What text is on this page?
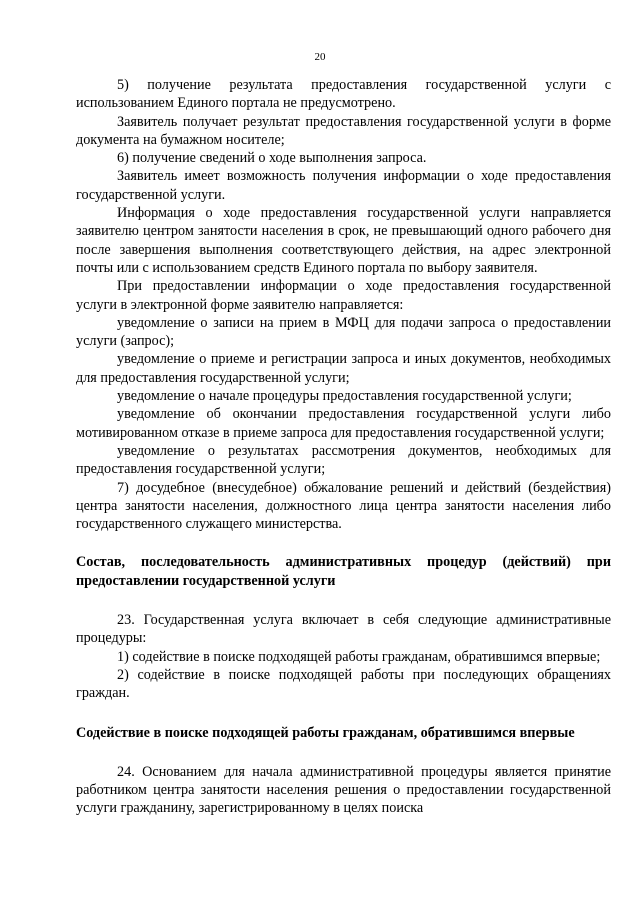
20

5) получение результата предоставления государственной услуги с использованием Единого портала не предусмотрено.

Заявитель получает результат предоставления государственной услуги в форме документа на бумажном носителе;

6) получение сведений о ходе выполнения запроса.

Заявитель имеет возможность получения информации о ходе предоставления государственной услуги.

Информация о ходе предоставления государственной услуги направляется заявителю центром занятости населения в срок, не превышающий одного рабочего дня после завершения выполнения соответствующего действия, на адрес электронной почты или с использованием средств Единого портала по выбору заявителя.

При предоставлении информации о ходе предоставления государственной услуги в электронной форме заявителю направляется:

уведомление о записи на прием в МФЦ для подачи запроса о предоставлении услуги (запрос);

уведомление о приеме и регистрации запроса и иных документов, необходимых для предоставления государственной услуги;

уведомление о начале процедуры предоставления государственной услуги;

уведомление об окончании предоставления государственной услуги либо мотивированном отказе в приеме запроса для предоставления государственной услуги;

уведомление о результатах рассмотрения документов, необходимых для предоставления государственной услуги;

7) досудебное (внесудебное) обжалование решений и действий (бездействия) центра занятости населения, должностного лица центра занятости населения либо государственного служащего министерства.

Состав, последовательность административных процедур (действий) при предоставлении государственной услуги

23. Государственная услуга включает в себя следующие административные процедуры:

1) содействие в поиске подходящей работы гражданам, обратившимся впервые;

2) содействие в поиске подходящей работы при последующих обращениях граждан.

Содействие в поиске подходящей работы гражданам, обратившимся впервые

24. Основанием для начала административной процедуры является принятие работником центра занятости населения решения о предоставлении государственной услуги гражданину, зарегистрированному в целях поиска
